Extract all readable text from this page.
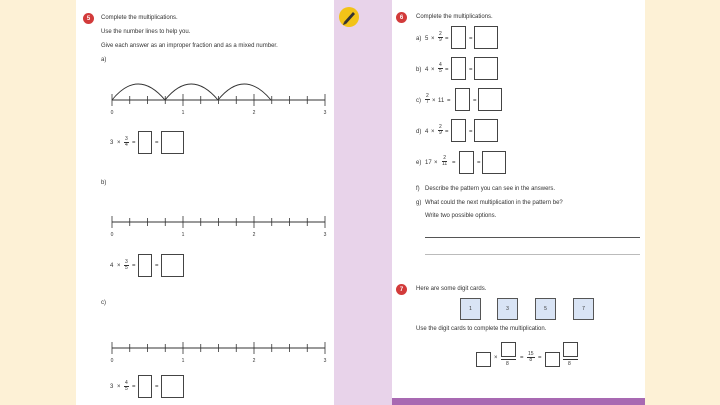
5	Complete the multiplications.
Use the number lines to help you.
Give each answer as an improper fraction and as a mixed number.
a)
0	1	2	3
$3 \times \frac{3}{4}$ =	=
b)
0	1	2	3
$4 \times \frac{3}{5}$ =	=
c)
0	1	2	3
$3 \times \frac{4}{5}$ =	=
6	Complete the multiplications.
a) $5 \times \frac{2}{9}$ =	=
b) $4 \times \frac{4}{5}$ =	=
$c) \frac{2}{7} \times 11$ =	=
d) $4 \times \frac{2}{9}$ =	=
e) $17 \times \frac{2}{11}$ =	=
f) Describe the pattern you can see in the answers.
g) What could the next multiplication in the pattern be?
Write two possible options.
7	Here are some digit cards.
1	3	5	7
Use the digit cards to complete the multiplication.
×
8
= $\frac{15}{8}$ =
8
